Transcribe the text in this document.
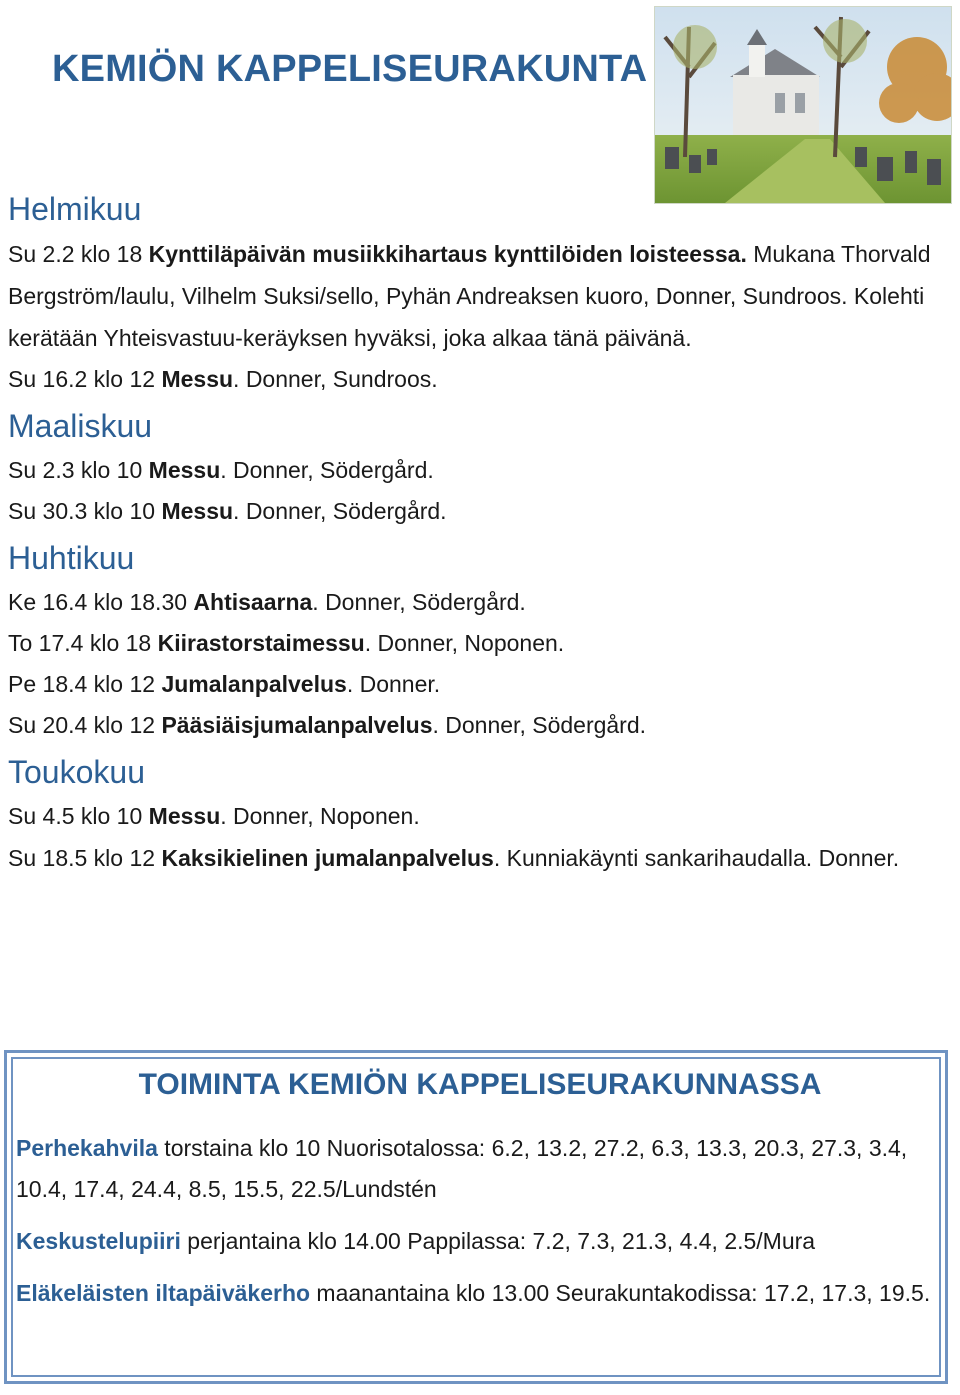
KEMIÖN KAPPELISEURAKUNTA
Helmikuu
Su 2.2 klo 18 Kynttiläpäivän musiikkihartaus kynttilöiden loisteessa. Mukana Thorvald Bergström/laulu, Vilhelm Suksi/sello, Pyhän Andreaksen kuoro, Donner, Sundroos. Kolehti kerätään Yhteisvastuu-keräyksen hyväksi, joka alkaa tänä päivänä.
Su 16.2 klo 12 Messu. Donner, Sundroos.
Maaliskuu
Su 2.3 klo 10 Messu. Donner, Södergård.
Su 30.3 klo 10 Messu. Donner, Södergård.
Huhtikuu
Ke 16.4 klo 18.30 Ahtisaarna. Donner, Södergård.
To 17.4 klo 18 Kiirastorstaimessu. Donner, Noponen.
Pe 18.4 klo 12 Jumalanpalvelus. Donner.
Su 20.4 klo 12 Pääsiäisjumalanpalvelus. Donner, Södergård.
Toukokuu
Su 4.5 klo 10 Messu. Donner, Noponen.
Su 18.5 klo 12 Kaksikielinen jumalanpalvelus. Kunniakäynti sankarihaudalla. Donner.
TOIMINTA KEMIÖN KAPPELISEURAKUNNASSA
Perhekahvila torstaina klo 10 Nuorisotalossa: 6.2, 13.2, 27.2, 6.3, 13.3, 20.3, 27.3, 3.4, 10.4, 17.4, 24.4, 8.5, 15.5, 22.5/Lundstén
Keskustelupiiri perjantaina klo 14.00 Pappilassa: 7.2, 7.3, 21.3, 4.4, 2.5/Mura
Eläkeläisten iltapäiväkerho maanantaina klo 13.00 Seurakuntakodissa: 17.2, 17.3, 19.5.
